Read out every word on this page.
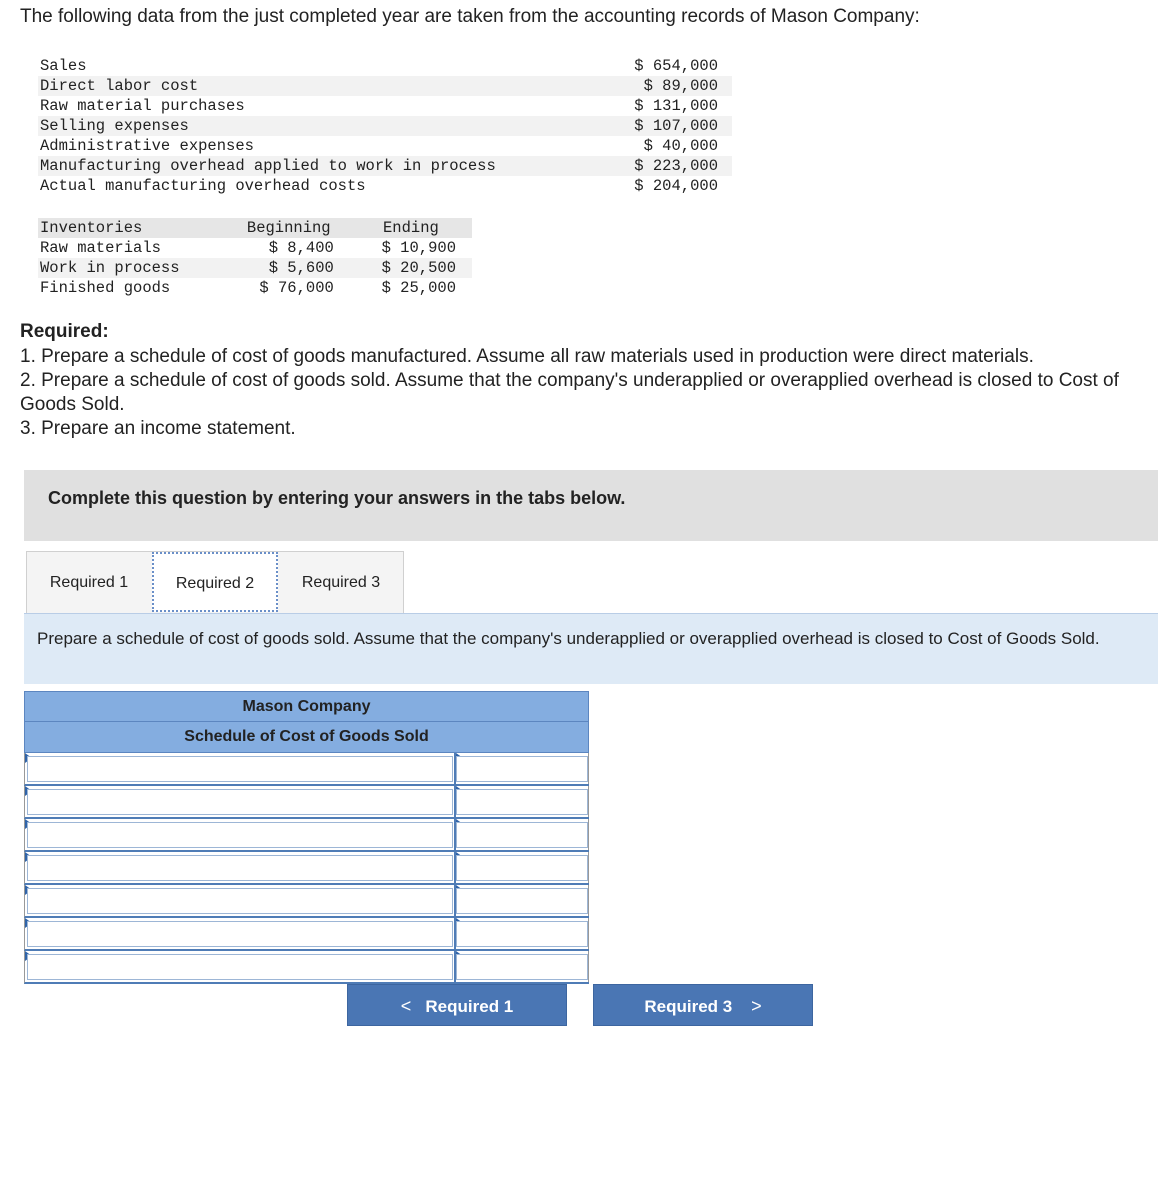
The following data from the just completed year are taken from the accounting records of Mason Company:
Sales	$ 654,000
Direct labor cost	$ 89,000
Raw material purchases	$ 131,000
Selling expenses	$ 107,000
Administrative expenses	$ 40,000
Manufacturing overhead applied to work in process	$ 223,000
Actual manufacturing overhead costs	$ 204,000
Inventories	Beginning	Ending
Raw materials	$ 8,400	$ 10,900
Work in process	$ 5,600	$ 20,500
Finished goods	$ 76,000	$ 25,000
Required:
1. Prepare a schedule of cost of goods manufactured. Assume all raw materials used in production were direct materials.
2. Prepare a schedule of cost of goods sold. Assume that the company's underapplied or overapplied overhead is closed to Cost of Goods Sold.
3. Prepare an income statement.
Complete this question by entering your answers in the tabs below.
Required 1	Required 2	Required 3
Prepare a schedule of cost of goods sold. Assume that the company's underapplied or overapplied overhead is closed to Cost of Goods Sold.
Mason Company
Schedule of Cost of Goods Sold
< Required 1	Required 3 >
